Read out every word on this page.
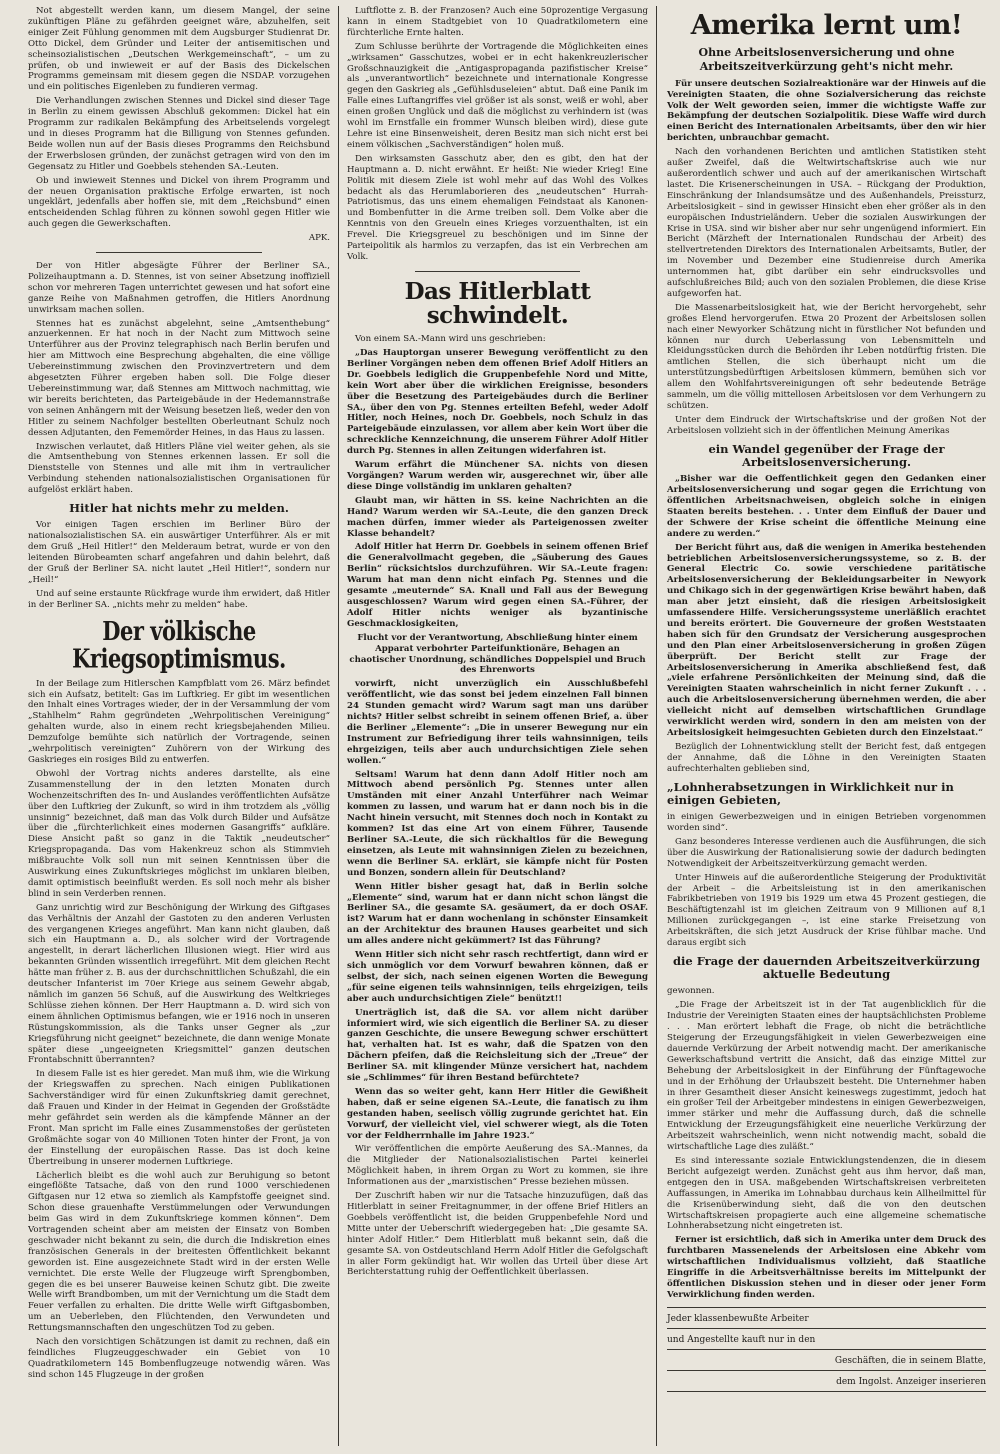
Not abgestellt werden kann, um diesem Mangel, der seine zukünftigen Pläne zu gefährden geeignet wäre, abzuhelfen, seit einiger Zeit Fühlung genommen mit dem Augsburger Studienrat Dr. Otto Dickel, dem Gründer und Leiter der antisemitischen und scheinsozialistischen „Deutschen Werkgemeinschaft“, – um zu prüfen, ob und inwieweit er auf der Basis des Dickelschen Programms gemeinsam mit diesem gegen die NSDAP. vorzugehen und ein politisches Eigenleben zu fundieren vermag.

Die Verhandlungen zwischen Stennes und Dickel sind dieser Tage in Berlin zu einem gewissen Abschluß gekommen: Dickel hat ein Programm zur radikalen Bekämpfung des Arbeitselends vorgelegt und in dieses Programm hat die Billigung von Stennes gefunden. Beide wollen nun auf der Basis dieses Programms den Reichsbund der Erwerbslosen gründen, der zunächst getragen wird von den im Gegensatz zu Hitler und Goebbels stehenden SA.-Leuten.

Ob und inwieweit Stennes und Dickel von ihrem Programm und der neuen Organisation praktische Erfolge erwarten, ist noch ungeklärt, jedenfalls aber hoffen sie, mit dem „Reichsbund“ einen entscheidenden Schlag führen zu können sowohl gegen Hitler wie auch gegen die Gewerkschaften.

APK.

Der von Hitler abgesägte Führer der Berliner SA., Polizeihauptmann a. D. Stennes, ist von seiner Absetzung inoffiziell schon vor mehreren Tagen unterrichtet gewesen und hat sofort eine ganze Reihe von Maßnahmen getroffen, die Hitlers Anordnung unwirksam machen sollen.

Stennes hat es zunächst abgelehnt, seine „Amtsenthebung“ anzuerkennen. Er hat noch in der Nacht zum Mittwoch seine Unterführer aus der Provinz telegraphisch nach Berlin berufen und hier am Mittwoch eine Besprechung abgehalten, die eine völlige Uebereinstimmung zwischen den Provinzvertretern und dem abgesetzten Führer ergeben haben soll. Die Folge dieser Uebereinstimmung war, daß Stennes am Mittwoch nachmittag, wie wir bereits berichteten, das Parteigebäude in der Hedemannstraße von seinen Anhängern mit der Weisung besetzen ließ, weder den von Hitler zu seinem Nachfolger bestellten Oberleutnant Schulz noch dessen Adjutanten, den Fememörder Heines, in das Haus zu lassen.

Inzwischen verlautet, daß Hitlers Pläne viel weiter gehen, als sie die Amtsenthebung von Stennes erkennen lassen. Er soll die Dienststelle von Stennes und alle mit ihm in vertraulicher Verbindung stehenden nationalsozialistischen Organisationen für aufgelöst erklärt haben.

Hitler hat nichts mehr zu melden.

Vor einigen Tagen erschien im Berliner Büro der nationalsozialistischen SA. ein auswärtiger Unterführer. Als er mit dem Gruß „Heil Hitler!“ den Melderaum betrat, wurde er von den leitenden Bürobeamten scharf angefahren und dahin belehrt, daß der Gruß der Berliner SA. nicht lautet „Heil Hitler!“, sondern nur „Heil!“

Und auf seine erstaunte Rückfrage wurde ihm erwidert, daß Hitler in der Berliner SA. „nichts mehr zu melden“ habe.

Der völkische Kriegsoptimismus.

In der Beilage zum Hitlerschen Kampfblatt vom 26. März befindet sich ein Aufsatz, betitelt: Gas im Luftkrieg. Er gibt im wesentlichen den Inhalt eines Vortrages wieder, der in der Versammlung der vom „Stahlhelm“ Rahm gegründeten „Wehrpolitischen Vereinigung“ gehalten wurde, also in einem recht kriegsbejahenden Milieu. Demzufolge bemühte sich natürlich der Vortragende, seinen „wehrpolitisch vereinigten“ Zuhörern von der Wirkung des Gaskrieges ein rosiges Bild zu entwerfen.

Obwohl der Vortrag nichts anderes darstellte, als eine Zusammenstellung der in den letzten Monaten durch Wochenzeitschriften des In- und Auslandes veröffentlichten Aufsätze über den Luftkrieg der Zukunft, so wird in ihm trotzdem als „völlig unsinnig“ bezeichnet, daß man das Volk durch Bilder und Aufsätze über die „fürchterlichkeit eines modernen Gasangriffs“ aufkläre. Diese Ansicht paßt so ganz in die Taktik „neudeutscher“ Kriegspropaganda. Das vom Hakenkreuz schon als Stimmvieh mißbrauchte Volk soll nun mit seinen Kenntnissen über die Auswirkung eines Zukunftskrieges möglichst im unklaren bleiben, damit optimistisch beeinflußt werden. Es soll noch mehr als bisher blind in sein Verderben rennen.

Ganz unrichtig wird zur Beschönigung der Wirkung des Giftgases das Verhältnis der Anzahl der Gastoten zu den anderen Verlusten des vergangenen Krieges angeführt. Man kann nicht glauben, daß sich ein Hauptmann a. D., als solcher wird der Vortragende angestellt, in derart lächerlichen Illusionen wiegt. Hier wird aus bekannten Gründen wissentlich irregeführt. Mit dem gleichen Recht hätte man früher z. B. aus der durchschnittlichen Schußzahl, die ein deutscher Infanterist im 70er Kriege aus seinem Gewehr abgab, nämlich im ganzen 56 Schuß, auf die Auswirkung des Weltkrieges Schlüsse ziehen können. Der Herr Hauptmann a. D. wird sich von einem ähnlichen Optimismus befangen, wie er 1916 noch in unseren Rüstungskommission, als die Tanks unser Gegner als „zur Kriegsführung nicht geeignet“ bezeichnete, die dann wenige Monate später diese „ungeeigneten Kriegsmittel“ ganzen deutschen Frontabschnitt überrannten?

In diesem Falle ist es hier geredet. Man muß ihm, wie die Wirkung der Kriegswaffen zu sprechen. Nach einigen Publikationen Sachverständiger wird für einen Zukunftskrieg damit gerechnet, daß Frauen und Kinder in der Heimat in Gegenden der Großstädte mehr gefährdet sein werden als die kämpfende Männer an der Front. Man spricht im Falle eines Zusammenstoßes der gerüsteten Großmächte sogar von 40 Millionen Toten hinter der Front, ja von der Einstellung der europäischen Rasse. Das ist doch keine Übertreibung in unserer modernen Luftkriege.

Lächerlich bleibt es die wohl auch zur Beruhigung so betont eingeflößte Tatsache, daß von den rund 1000 verschiedenen Giftgasen nur 12 etwa so ziemlich als Kampfstoffe geeignet sind. Schon diese grauenhafte Verstümmelungen oder Verwundungen beim Gas wird in dem Zukunftskriege kommen können“. Dem Vortragenden scheint aber am meisten der Einsatz von Bomben geschwader nicht bekannt zu sein, die durch die Indiskretion eines französischen Generals in der breitesten Öffentlichkeit bekannt geworden ist. Eine ausgezeichnete Stadt wird in der ersten Welle vernichtet. Die erste Welle der Flugzeuge wirft Sprengbomben, gegen die es bei unserer Bauweise keinen Schutz gibt. Die zweite Welle wirft Brandbomben, um mit der Vernichtung um die Stadt dem Feuer verfallen zu erhalten. Die dritte Welle wirft Giftgasbomben, um an Ueberleben, den Flüchtenden, den Verwundeten und Rettungsmannschaften den ungeschützen Tod zu geben.

Nach den vorsichtigen Schätzungen ist damit zu rechnen, daß ein feindliches Flugzeuggeschwader ein Gebiet von 10 Quadratkilometern 145 Bombenflugzeuge notwendig wären. Was sind schon 145 Flugzeuge in der großen

Luftflotte z. B. der Franzosen? Auch eine 50prozentige Vergasung kann in einem Stadtgebiet von 10 Quadratkilometern eine fürchterliche Ernte halten.

Zum Schlusse berührte der Vortragende die Möglichkeiten eines „wirksamen“ Gasschutzes, wobei er in echt hakenkreuzlerischer Großschnauzigkeit die „Antigaspropaganda pazifistischer Kreise“ als „unverantwortlich“ bezeichnete und internationale Kongresse gegen den Gaskrieg als „Gefühlsduseleien“ abtut. Daß eine Panik im Falle eines Luftangriffes viel größer ist als sonst, weiß er wohl, aber einen großen Unglück und daß die möglichst zu verhindern ist (was wohl im Ernstfalle ein frommer Wunsch bleiben wird), diese gute Lehre ist eine Binsenweisheit, deren Besitz man sich nicht erst bei einem völkischen „Sachverständigen“ holen muß.

Den wirksamsten Gasschutz aber, den es gibt, den hat der Hauptmann a. D. nicht erwähnt. Er heißt: Nie wieder Krieg! Eine Politik mit diesem Ziele ist wohl mehr auf das Wohl des Volkes bedacht als das Herumlaborieren des „neudeutschen“ Hurrah-Patriotismus, das uns einem ehemaligen Feindstaat als Kanonen- und Bombenfutter in die Arme treiben soll. Dem Volke aber die Kenntnis von den Greueln eines Krieges vorzuenthalten, ist ein Frevel. Die Kriegsgreuel zu beschönigen und im Sinne der Parteipolitik als harmlos zu verzapfen, das ist ein Verbrechen am Volk.

Das Hitlerblatt schwindelt.

Von einem SA.-Mann wird uns geschrieben:

„Das Hauptorgan unserer Bewegung veröffentlicht zu den Berliner Vorgängen neben dem offenen Brief Adolf Hitlers an Dr. Goebbels lediglich die Gruppenbefehle Nord und Mitte, kein Wort aber über die wirklichen Ereignisse, besonders über die Besetzung des Parteigebäudes durch die Berliner SA., über den von Pg. Stennes erteilten Befehl, weder Adolf Hitler, noch Heines, noch Dr. Goebbels, noch Schulz in das Parteigebäude einzulassen, vor allem aber kein Wort über die schreckliche Kennzeichnung, die unserem Führer Adolf Hitler durch Pg. Stennes in allen Zeitungen widerfahren ist.

Warum erfährt die Münchener SA. nichts von diesen Vorgängen? Warum werden wir, ausgerechnet wir, über alle diese Dinge vollständig im unklaren gehalten?

Glaubt man, wir hätten in SS. keine Nachrichten an die Hand? Warum werden wir SA.-Leute, die den ganzen Dreck machen dürfen, immer wieder als Parteigenossen zweiter Klasse behandelt?

Adolf Hitler hat Herrn Dr. Goebbels in seinem offenen Brief die Generalvollmacht gegeben, die „Säuberung des Gaues Berlin“ rücksichtslos durchzuführen. Wir SA.-Leute fragen: Warum hat man denn nicht einfach Pg. Stennes und die gesamte „meuternde“ SA. Knall und Fall aus der Bewegung ausgeschlossen? Warum wird gegen einen SA.-Führer, der Adolf Hitler nichts weniger als byzantinische Geschmacklosigkeiten,

Flucht vor der Verantwortung, Abschließung hinter einem Apparat verbohrter Parteifunktionäre, Behagen an chaotischer Unordnung, schändliches Doppelspiel und Bruch des Ehrenworts

vorwirft, nicht unverzüglich ein Ausschlußbefehl veröffentlicht, wie das sonst bei jedem einzelnen Fall binnen 24 Stunden gemacht wird? Warum sagt man uns darüber nichts? Hitler selbst schreibt in seinem offenen Brief, a. über die Berliner „Elemente“: „Die in unserer Bewegung nur ein Instrument zur Befriedigung ihrer teils wahnsinnigen, teils ehrgeizigen, teils aber auch undurchsichtigen Ziele sehen wollen.“

Seltsam! Warum hat denn dann Adolf Hitler noch am Mittwoch abend persönlich Pg. Stennes unter allen Umständen mit einer Anzahl Unterführer nach Weimar kommen zu lassen, und warum hat er dann noch bis in die Nacht hinein versucht, mit Stennes doch noch in Kontakt zu kommen? Ist das eine Art von einem Führer, Tausende Berliner SA.-Leute, die sich rückhaltlos für die Bewegung einsetzen, als Leute mit wahnsinnigen Zielen zu bezeichnen, wenn die Berliner SA. erklärt, sie kämpfe nicht für Posten und Bonzen, sondern allein für Deutschland?

Wenn Hitler bisher gesagt hat, daß in Berlin solche „Elemente“ sind, warum hat er dann nicht schon längst die Berliner SA., die gesamte SA. gesäumert, da er doch OSAF. ist? Warum hat er dann wochenlang in schönster Einsamkeit an der Architektur des braunen Hauses gearbeitet und sich um alles andere nicht gekümmert? Ist das Führung?

Wenn Hitler sich nicht sehr rasch rechtfertigt, dann wird er sich unmöglich vor dem Vorwurf bewahren können, daß er selbst, der sich, nach seinen eigenen Worten die Bewegung „für seine eigenen teils wahnsinnigen, teils ehrgeizigen, teils aber auch undurchsichtigen Ziele“ benützt!!

Unerträglich ist, daß die SA. vor allem nicht darüber informiert wird, wie sich eigentlich die Berliner SA. zu dieser ganzen Geschichte, die unsere Bewegung schwer erschüttert hat, verhalten hat. Ist es wahr, daß die Spatzen von den Dächern pfeifen, daß die Reichsleitung sich der „Treue“ der Berliner SA. mit klingender Münze versichert hat, nachdem sie „Schlimmes“ für ihren Bestand befürchtete?

Wenn das so weiter geht, kann Herr Hitler die Gewißheit haben, daß er seine eigenen SA.-Leute, die fanatisch zu ihm gestanden haben, seelisch völlig zugrunde gerichtet hat. Ein Vorwurf, der vielleicht viel, viel schwerer wiegt, als die Toten vor der Feldherrnhalle im Jahre 1923.“

Wir veröffentlichen die empörte Aeußerung des SA.-Mannes, da die Mitglieder der Nationalsozialistischen Partei keinerlei Möglichkeit haben, in ihrem Organ zu Wort zu kommen, sie ihre Informationen aus der „marxistischen“ Presse beziehen müssen.

Der Zuschrift haben wir nur die Tatsache hinzuzufügen, daß das Hitlerblatt in seiner Freitagnummer, in der offene Brief Hitlers an Goebbels veröffentlicht ist, die beiden Gruppenbefehle Nord und Mitte unter der Ueberschrift wiedergegeben hat: „Die gesamte SA. hinter Adolf Hitler.“ Dem Hitlerblatt muß bekannt sein, daß die gesamte SA. von Ostdeutschland Herrn Adolf Hitler die Gefolgschaft in aller Form gekündigt hat. Wir wollen das Urteil über diese Art Berichterstattung ruhig der Oeffentlichkeit überlassen.

Amerika lernt um!
Ohne Arbeitslosenversicherung und ohne Arbeitszeitverkürzung geht's nicht mehr.

Für unsere deutschen Sozialreaktionäre war der Hinweis auf die Vereinigten Staaten, die ohne Sozialversicherung das reichste Volk der Welt geworden seien, immer die wichtigste Waffe zur Bekämpfung der deutschen Sozialpolitik. Diese Waffe wird durch einen Bericht des Internationalen Arbeitsamts, über den wir hier berichten, unbrauchbar gemacht.

Nach den vorhandenen Berichten und amtlichen Statistiken steht außer Zweifel, daß die Weltwirtschaftskrise auch wie nur außerordentlich schwer und auch auf der amerikanischen Wirtschaft lastet. Die Krisenerscheinungen in USA. – Rückgang der Produktion, Einschränkung der Inlandsumsätze und des Außenhandels, Preissturz, Arbeitslosigkeit – sind in gewisser Hinsicht eben eher größer als in den europäischen Industrieländern. Ueber die sozialen Auswirkungen der Krise in USA. sind wir bisher aber nur sehr ungenügend informiert. Ein Bericht (Märzheft der Internationalen Rundschau der Arbeit) des stellvertretenden Direktors des Internationalen Arbeitsamts, Butler, der im November und Dezember eine Studienreise durch Amerika unternommen hat, gibt darüber ein sehr eindrucksvolles und aufschlußreiches Bild; auch von den sozialen Problemen, die diese Krise aufgeworfen hat.

Die Massenarbeitslosigkeit hat, wie der Bericht hervorgehebt, sehr großes Elend hervorgerufen. Etwa 20 Prozent der Arbeitslosen sollen nach einer Newyorker Schätzung nicht in fürstlicher Not befunden und können nur durch Ueberlassung von Lebensmitteln und Kleidungsstücken durch die Behörden ihr Leben notdürftig fristen. Die amtlichen Stellen, die sich überhaupt nicht um die unterstützungsbedürftigen Arbeitslosen kümmern, bemühen sich vor allem den Wohlfahrtsvereinigungen oft sehr bedeutende Beträge sammeln, um die völlig mittellosen Arbeitslosen vor dem Verhungern zu schützen.

Unter dem Eindruck der Wirtschaftskrise und der großen Not der Arbeitslosen vollzieht sich in der öffentlichen Meinung Amerikas

ein Wandel gegenüber der Frage der Arbeitslosenversicherung.

„Bisher war die Oeffentlichkeit gegen den Gedanken einer Arbeitslosenversicherung und sogar gegen die Errichtung von öffentlichen Arbeitsnachweisen, obgleich solche in einigen Staaten bereits bestehen. . . Unter dem Einfluß der Dauer und der Schwere der Krise scheint die öffentliche Meinung eine andere zu werden.“

Der Bericht führt aus, daß die wenigen in Amerika bestehenden betrieblichen Arbeitslosenversicherungssysteme, so z. B. der General Electric Co. sowie verschiedene paritätische Arbeitslosenversicherung der Bekleidungsarbeiter in Newyork und Chikago sich in der gegenwärtigen Krise bewährt haben, daß man aber jetzt einsieht, daß die riesigen Arbeitslosigkeit umfassendere Hilfe. Versicherungssysteme unerläßlich erachtet und bereits erörtert. Die Gouverneure der großen Weststaaten haben sich für den Grundsatz der Versicherung ausgesprochen und den Plan einer Arbeitslosenversicherung in großen Zügen überprüft. Der Bericht stellt zur Frage der Arbeitslosenversicherung in Amerika abschließend fest, daß „viele erfahrene Persönlichkeiten der Meinung sind, daß die Vereinigten Staaten wahrscheinlich in nicht ferner Zukunft . . . auch die Arbeitslosenversicherung übernehmen werden, die aber vielleicht nicht auf demselben wirtschaftlichen Grundlage verwirklicht werden wird, sondern in den am meisten von der Arbeitslosigkeit heimgesuchten Gebieten durch den Einzelstaat.“

Bezüglich der Lohnentwicklung stellt der Bericht fest, daß entgegen der Annahme, daß die Löhne in den Vereinigten Staaten aufrechterhalten geblieben sind,

„Lohnherabsetzungen in Wirklichkeit nur in einigen Gebieten,

in einigen Gewerbezweigen und in einigen Betrieben vorgenommen worden sind“.

Ganz besonderes Interesse verdienen auch die Ausführungen, die sich über die Auswirkung der Rationalisierung sowie der dadurch bedingten Notwendigkeit der Arbeitszeitverkürzung gemacht werden.

Unter Hinweis auf die außerordentliche Steigerung der Produktivität der Arbeit – die Arbeitsleistung ist in den amerikanischen Fabrikbetrieben von 1919 bis 1929 um etwa 45 Prozent gestiegen, die Beschäftigtenzahl ist im gleichen Zeitraum von 9 Millionen auf 8,1 Millionen zurückgegangen –, ist eine starke Freisetzung von Arbeitskräften, die sich jetzt Ausdruck der Krise fühlbar mache. Und daraus ergibt sich

die Frage der dauernden Arbeitszeitverkürzung aktuelle Bedeutung

gewonnen.

„Die Frage der Arbeitszeit ist in der Tat augenblicklich für die Industrie der Vereinigten Staaten eines der hauptsächlichsten Probleme . . . Man erörtert lebhaft die Frage, ob nicht die beträchtliche Steigerung der Erzeugungsfähigkeit in vielen Gewerbezweigen eine dauernde Verkürzung der Arbeit notwendig macht. Der amerikanische Gewerkschaftsbund vertritt die Ansicht, daß das einzige Mittel zur Behebung der Arbeitslosigkeit in der Einführung der Fünftagewoche und in der Erhöhung der Urlaubszeit besteht. Die Unternehmer haben in ihrer Gesamtheit dieser Ansicht keineswegs zugestimmt, jedoch hat ein großer Teil der Arbeitgeber mindestens in einigen Gewerbezweigen, immer stärker und mehr die Auffassung durch, daß die schnelle Entwicklung der Erzeugungsfähigkeit eine neuerliche Verkürzung der Arbeitszeit wahrscheinlich, wenn nicht notwendig macht, sobald die wirtschaftliche Lage dies zuläßt.“

Es sind interessante soziale Entwicklungstendenzen, die in diesem Bericht aufgezeigt werden. Zunächst geht aus ihm hervor, daß man, entgegen den in USA. maßgebenden Wirtschaftskreisen verbreiteten Auffassungen, in Amerika im Lohnabbau durchaus kein Allheilmittel für die Krisenüberwindung sieht, daß die von den deutschen Wirtschaftskreisen propagierte auch eine allgemeine schematische Lohnherabsetzung nicht eingetreten ist.

Ferner ist ersichtlich, daß sich in Amerika unter dem Druck des furchtbaren Massenelends der Arbeitslosen eine Abkehr vom wirtschaftlichen Individualismus vollzieht, daß Staatliche Eingriffe in die Arbeitsverhältnisse bereits im Mittelpunkt der öffentlichen Diskussion stehen und in dieser oder jener Form Verwirklichung finden werden.

Jeder klassenbewußte Arbeiter
und Angestellte kauft nur in den
Geschäften, die in seinem Blatte,
dem Ingolst. Anzeiger inserieren
